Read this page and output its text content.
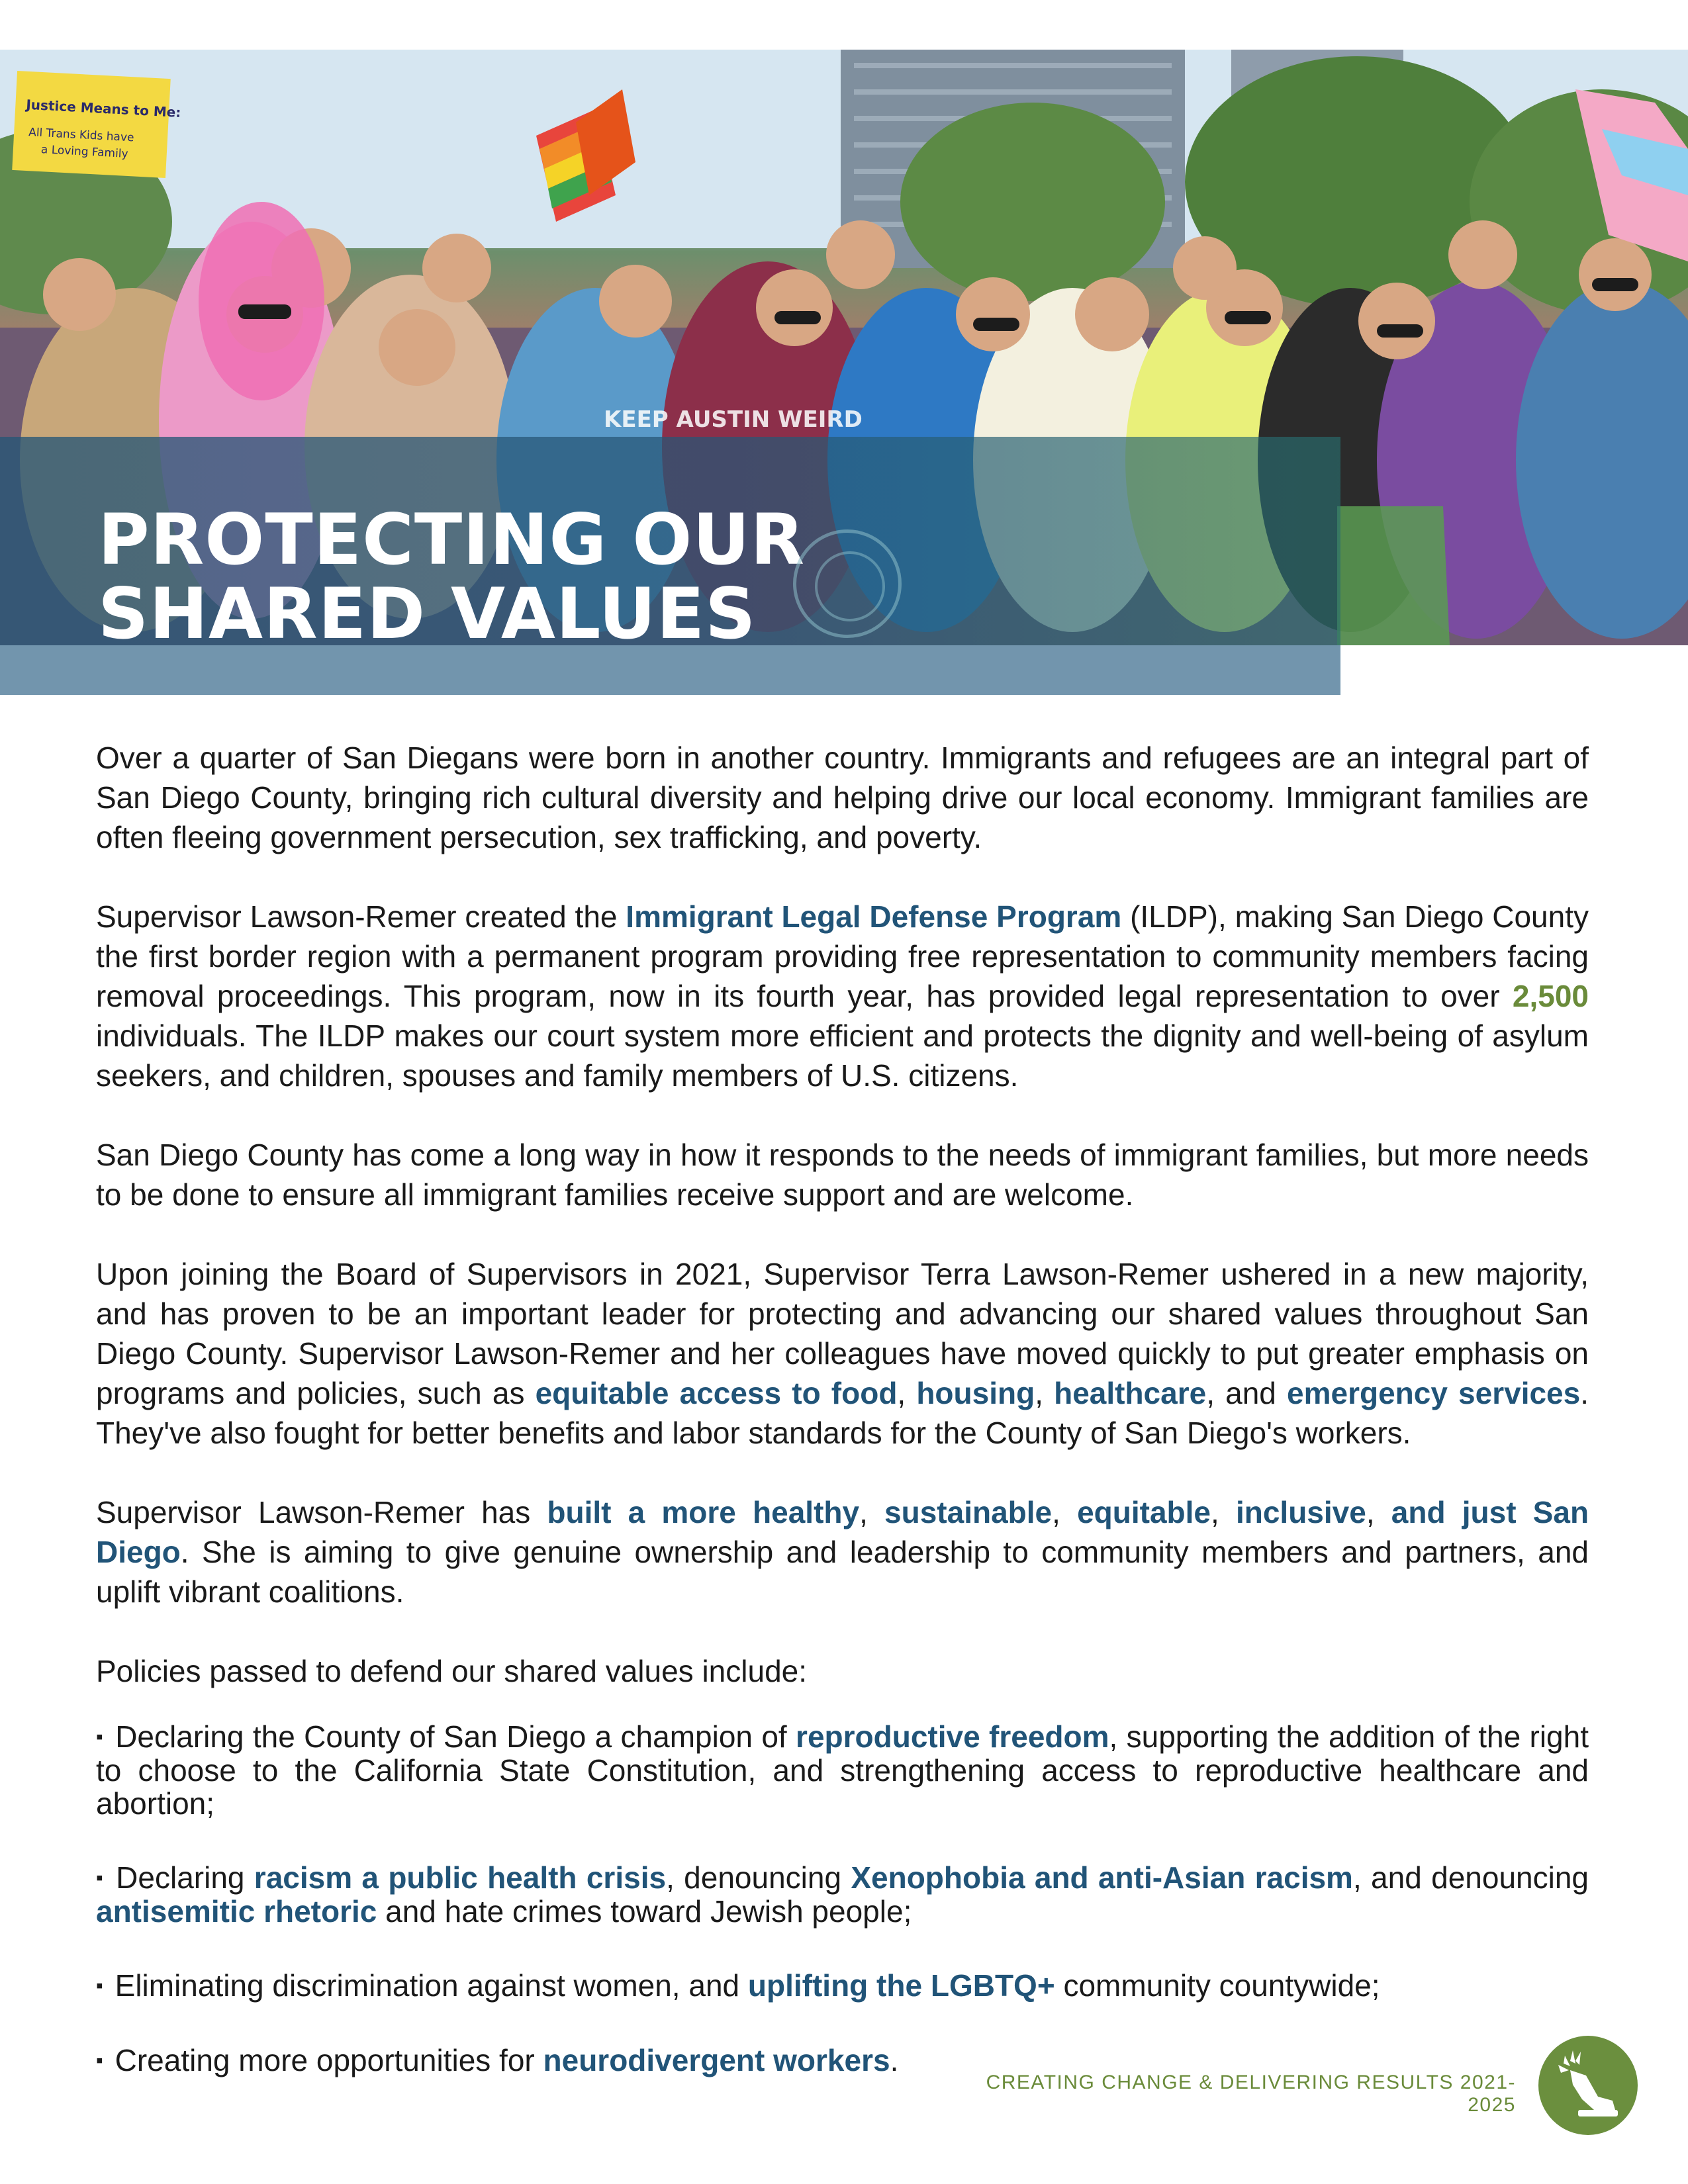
Justice Means to Me:
All Trans Kids have
a Loving Family
KEEP AUSTIN WEIRD
PROTECTING OUR
SHARED VALUES

Over a quarter of San Diegans were born in another country. Immigrants and refugees are an integral part of San Diego County, bringing rich cultural diversity and helping drive our local economy. Immigrant families are often fleeing government persecution, sex trafficking, and poverty.

Supervisor Lawson-Remer created the Immigrant Legal Defense Program (ILDP), making San Diego County the first border region with a permanent program providing free representation to community members facing removal proceedings. This program, now in its fourth year, has provided legal representation to over 2,500 individuals. The ILDP makes our court system more efficient and protects the dignity and well-being of asylum seekers, and children, spouses and family members of U.S. citizens.

San Diego County has come a long way in how it responds to the needs of immigrant families, but more needs to be done to ensure all immigrant families receive support and are welcome.

Upon joining the Board of Supervisors in 2021, Supervisor Terra Lawson-Remer ushered in a new majority, and has proven to be an important leader for protecting and advancing our shared values throughout San Diego County. Supervisor Lawson-Remer and her colleagues have moved quickly to put greater emphasis on programs and policies, such as equitable access to food, housing, healthcare, and emergency services. They've also fought for better benefits and labor standards for the County of San Diego's workers.

Supervisor Lawson-Remer has built a more healthy, sustainable, equitable, inclusive, and just San Diego. She is aiming to give genuine ownership and leadership to community members and partners, and uplift vibrant coalitions.

Policies passed to defend our shared values include:

▪ Declaring the County of San Diego a champion of reproductive freedom, supporting the addition of the right to choose to the California State Constitution, and strengthening access to reproductive healthcare and abortion;
▪ Declaring racism a public health crisis, denouncing Xenophobia and anti-Asian racism, and denouncing antisemitic rhetoric and hate crimes toward Jewish people;
▪ Eliminating discrimination against women, and uplifting the LGBTQ+ community countywide;
▪ Creating more opportunities for neurodivergent workers.
CREATING CHANGE & DELIVERING RESULTS 2021-2025
